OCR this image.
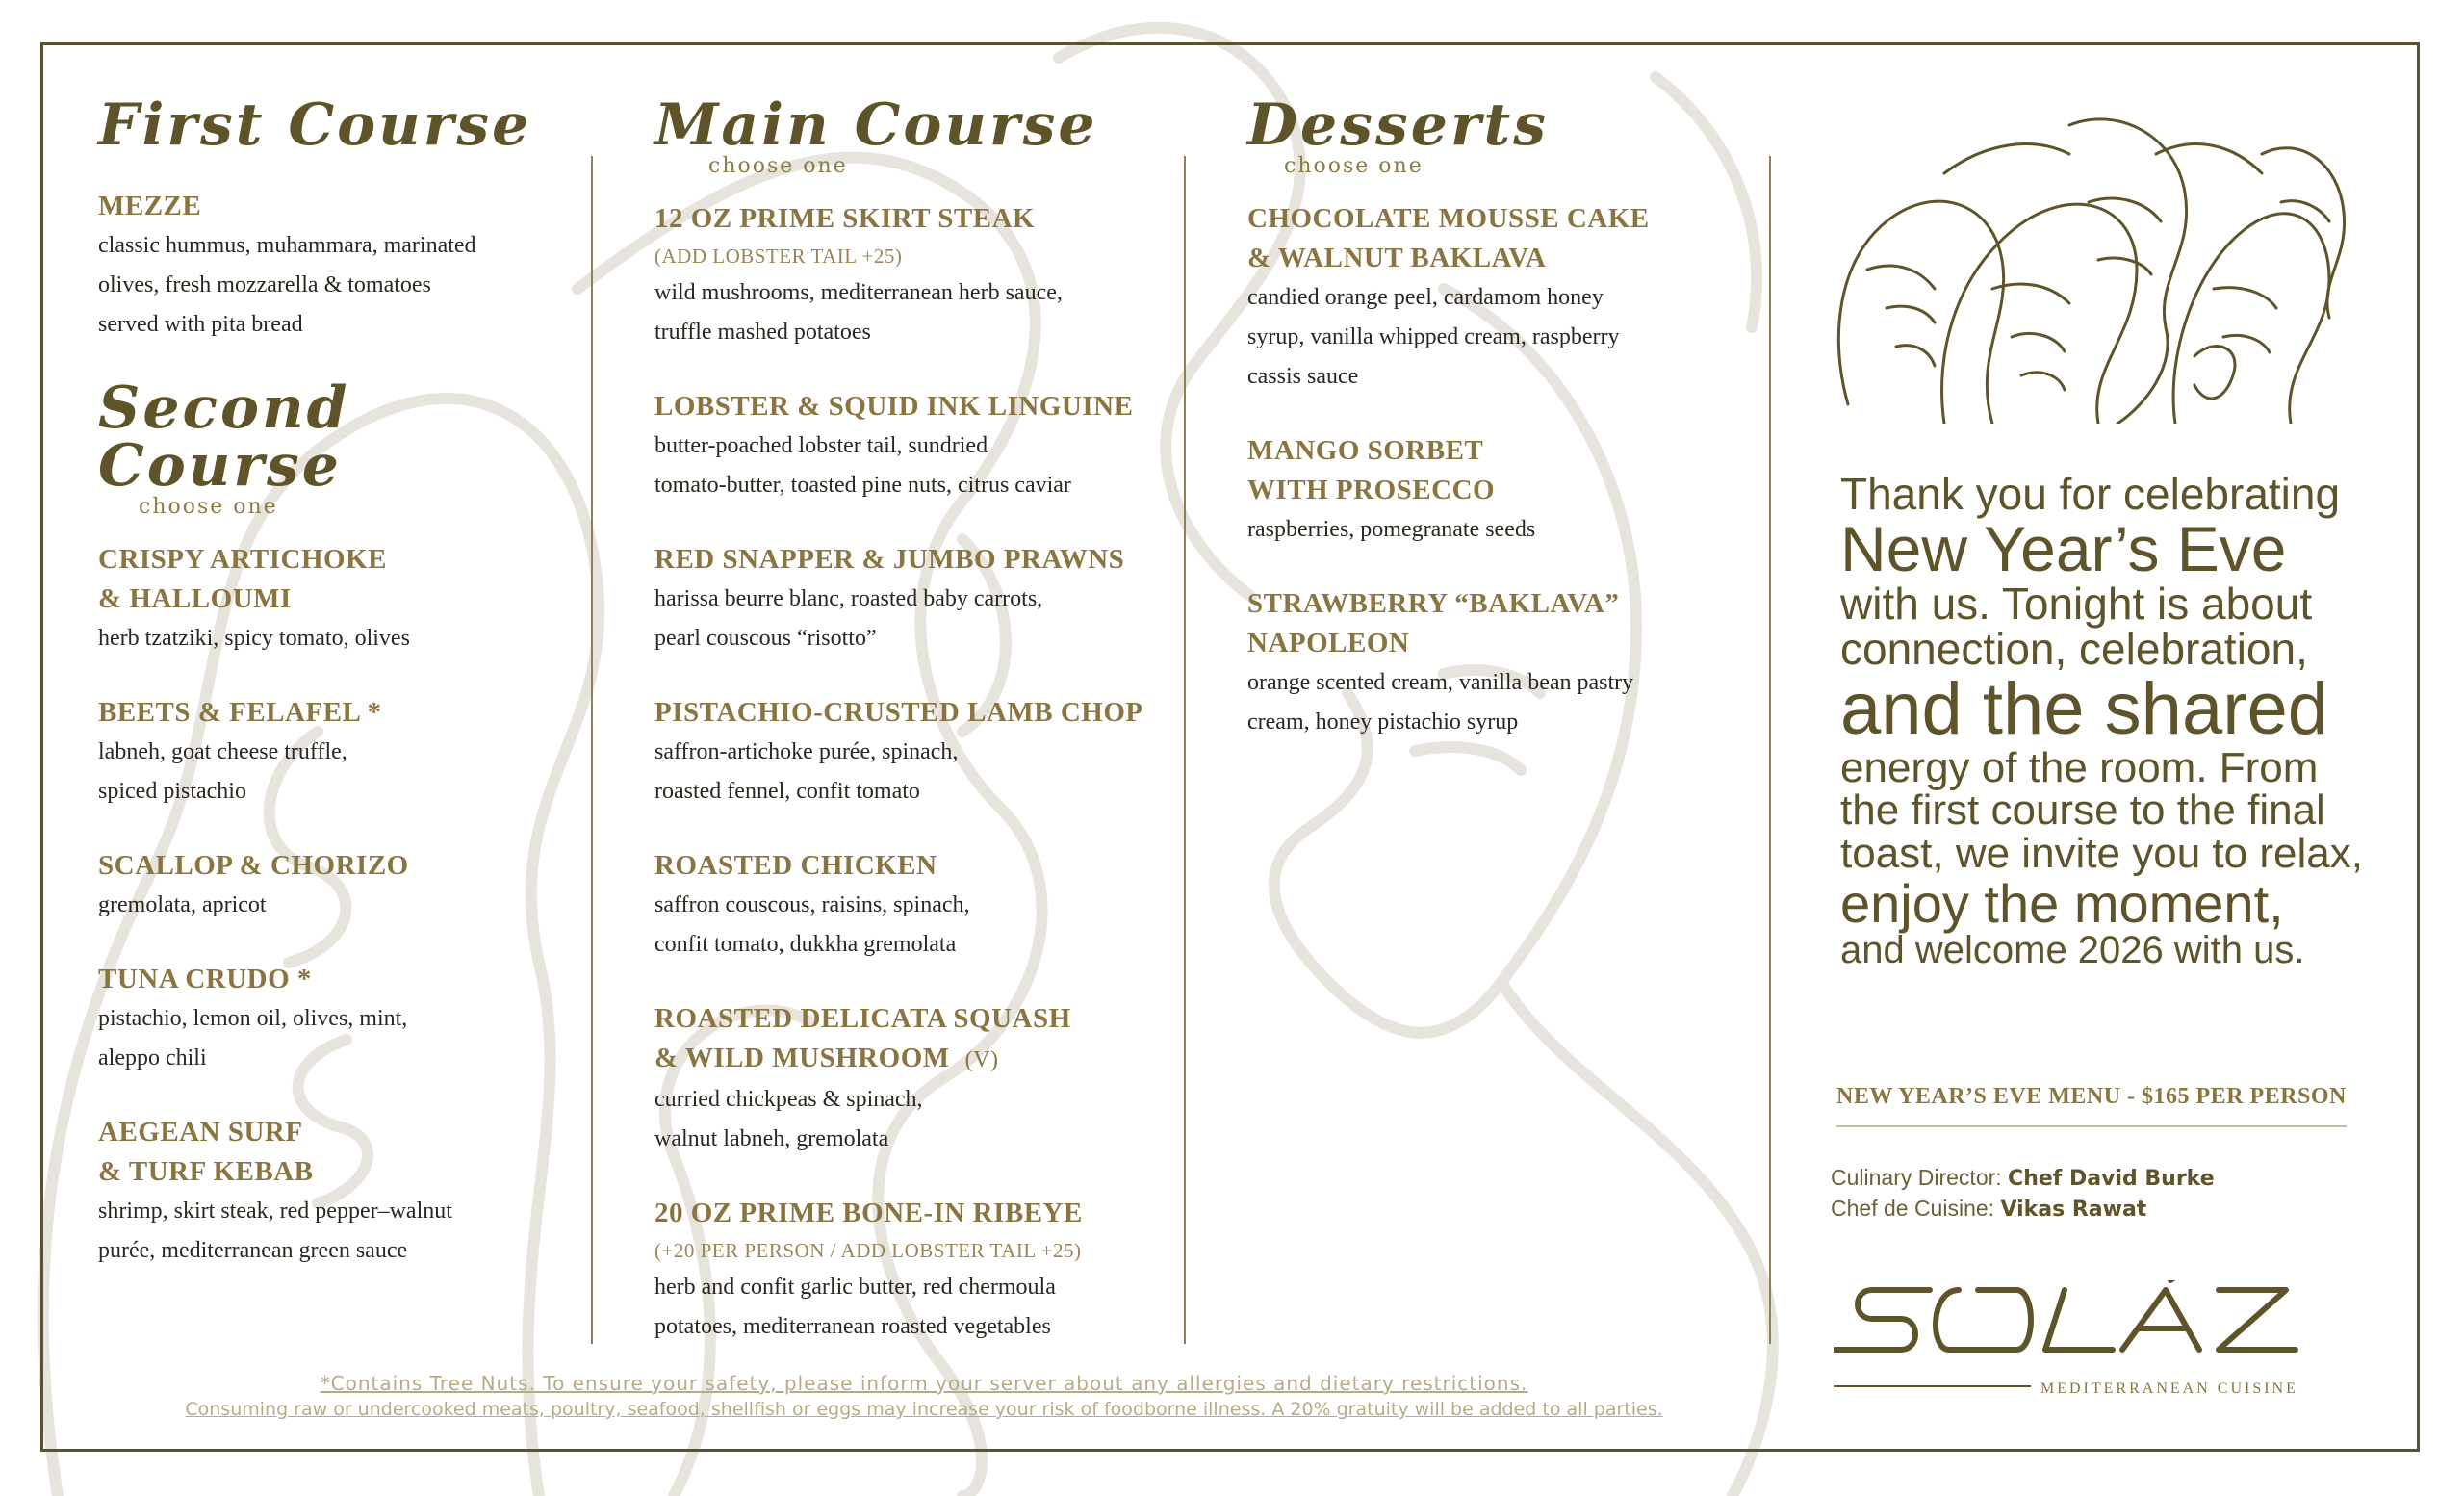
First Course
MEZZE
classic hummus, muhammara, marinated
olives, fresh mozzarella & tomatoes
served with pita bread
Second Course
choose one
CRISPY ARTICHOKE
& HALLOUMI
herb tzatziki, spicy tomato, olives
BEETS & FELAFEL *
labneh, goat cheese truffle,
spiced pistachio
SCALLOP & CHORIZO
gremolata, apricot
TUNA CRUDO *
pistachio, lemon oil, olives, mint,
aleppo chili
AEGEAN SURF
& TURF KEBAB
shrimp, skirt steak, red pepper–walnut
purée, mediterranean green sauce
Main Course
choose one
12 OZ PRIME SKIRT STEAK
(ADD LOBSTER TAIL +25)
wild mushrooms, mediterranean herb sauce,
truffle mashed potatoes
LOBSTER & SQUID INK LINGUINE
butter-poached lobster tail, sundried
tomato-butter, toasted pine nuts, citrus caviar
RED SNAPPER & JUMBO PRAWNS
harissa beurre blanc, roasted baby carrots,
pearl couscous “risotto”
PISTACHIO-CRUSTED LAMB CHOP
saffron-artichoke purée, spinach,
roasted fennel, confit tomato
ROASTED CHICKEN
saffron couscous, raisins, spinach,
confit tomato, dukkha gremolata
ROASTED DELICATA SQUASH
& WILD MUSHROOM (V)
curried chickpeas & spinach,
walnut labneh, gremolata
20 OZ PRIME BONE-IN RIBEYE
(+20 PER PERSON / ADD LOBSTER TAIL +25)
herb and confit garlic butter, red chermoula
potatoes, mediterranean roasted vegetables
Desserts
choose one
CHOCOLATE MOUSSE CAKE
& WALNUT BAKLAVA
candied orange peel, cardamom honey
syrup, vanilla whipped cream, raspberry
cassis sauce
MANGO SORBET
WITH PROSECCO
raspberries, pomegranate seeds
STRAWBERRY “BAKLAVA”
NAPOLEON
orange scented cream, vanilla bean pastry
cream, honey pistachio syrup
Thank you for celebrating
New Year’s Eve
with us. Tonight is about
connection, celebration,
and the shared
energy of the room. From
the first course to the final
toast, we invite you to relax,
enjoy the moment,
and welcome 2026 with us.
NEW YEAR’S EVE MENU - $165 PER PERSON
Culinary Director: Chef David Burke
Chef de Cuisine: Vikas Rawat
MEDITERRANEAN CUISINE
*Contains Tree Nuts. To ensure your safety, please inform your server about any allergies and dietary restrictions.
Consuming raw or undercooked meats, poultry, seafood, shellfish or eggs may increase your risk of foodborne illness. A 20% gratuity will be added to all parties.
